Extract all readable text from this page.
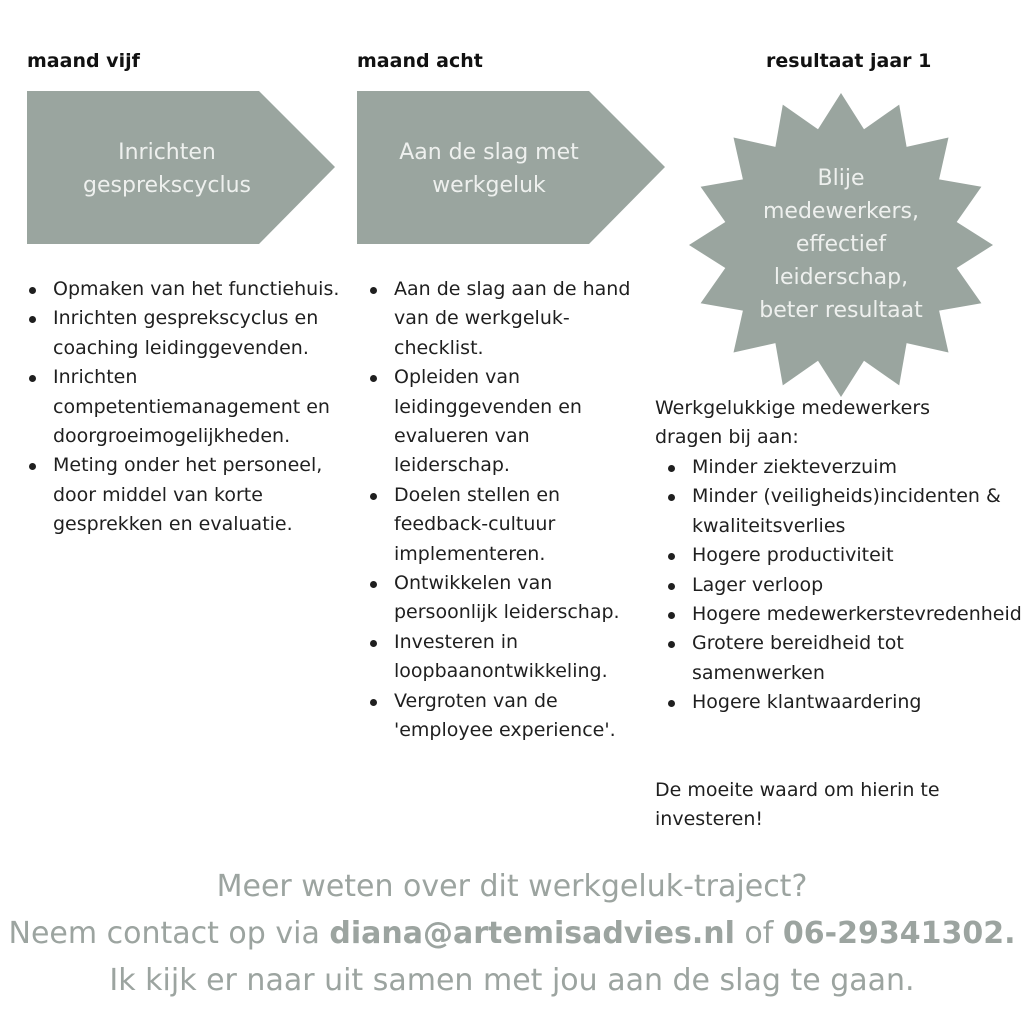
maand vijf
Inrichten
gesprekscyclus
Opmaken van het functiehuis.
Inrichten gesprekscyclus en coaching leidinggevenden.
Inrichten competentiemanagement en doorgroeimogelijkheden.
Meting onder het personeel, door middel van korte gesprekken en evaluatie.
maand acht
Aan de slag met
werkgeluk
Aan de slag aan de hand van de werkgeluk-checklist.
Opleiden van leidinggevenden en evalueren van leiderschap.
Doelen stellen en feedback-cultuur implementeren.
Ontwikkelen van persoonlijk leiderschap.
Investeren in loopbaanontwikkeling.
Vergroten van de 'employee experience'.
resultaat jaar 1
Blije
medewerkers,
effectief
leiderschap,
beter resultaat

Werkgelukkige medewerkers dragen bij aan:

Minder ziekteverzuim
Minder (veiligheids)incidenten & kwaliteitsverlies
Hogere productiviteit
Lager verloop
Hogere medewerkerstevredenheid
Grotere bereidheid tot samenwerken
Hogere klantwaardering

De moeite waard om hierin te investeren!

Meer weten over dit werkgeluk-traject?
Neem contact op via diana@artemisadvies.nl of 06-29341302.
Ik kijk er naar uit samen met jou aan de slag te gaan.
